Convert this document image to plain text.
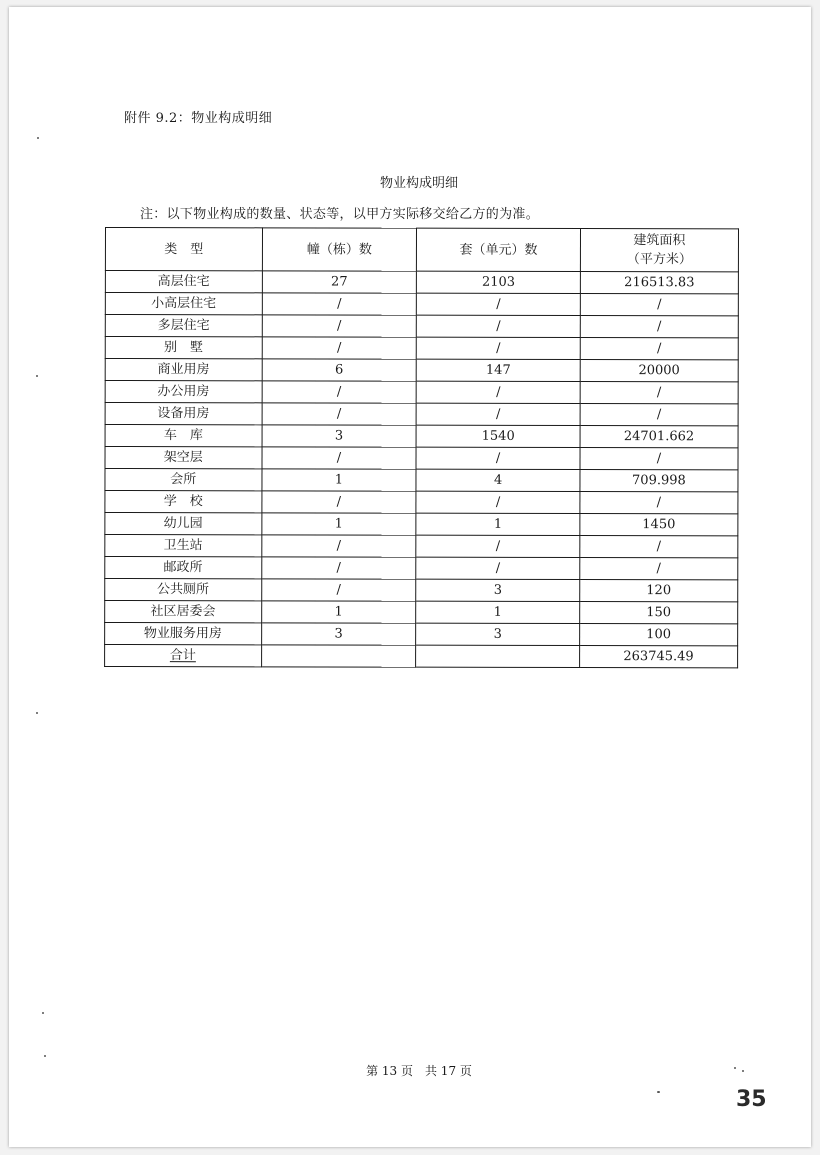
附件 9.2：物业构成明细
物业构成明细
注：以下物业构成的数量、状态等，以甲方实际移交给乙方的为准。
类　型	幢（栋）数	套（单元）数	建筑面积
（平方米）

高层住宅	27	2103	216513.83
小高层住宅	/	/	/
多层住宅	/	/	/
别　墅	/	/	/
商业用房	6	147	20000
办公用房	/	/	/
设备用房	/	/	/
车　库	3	1540	24701.662
架空层	/	/	/
会所	1	4	709.998
学　校	/	/	/
幼儿园	1	1	1450
卫生站	/	/	/
邮政所	/	/	/
公共厕所	/	3	120
社区居委会	1	1	150
物业服务用房	3	3	100
合计			263745.49
第 13 页　共 17 页
35
